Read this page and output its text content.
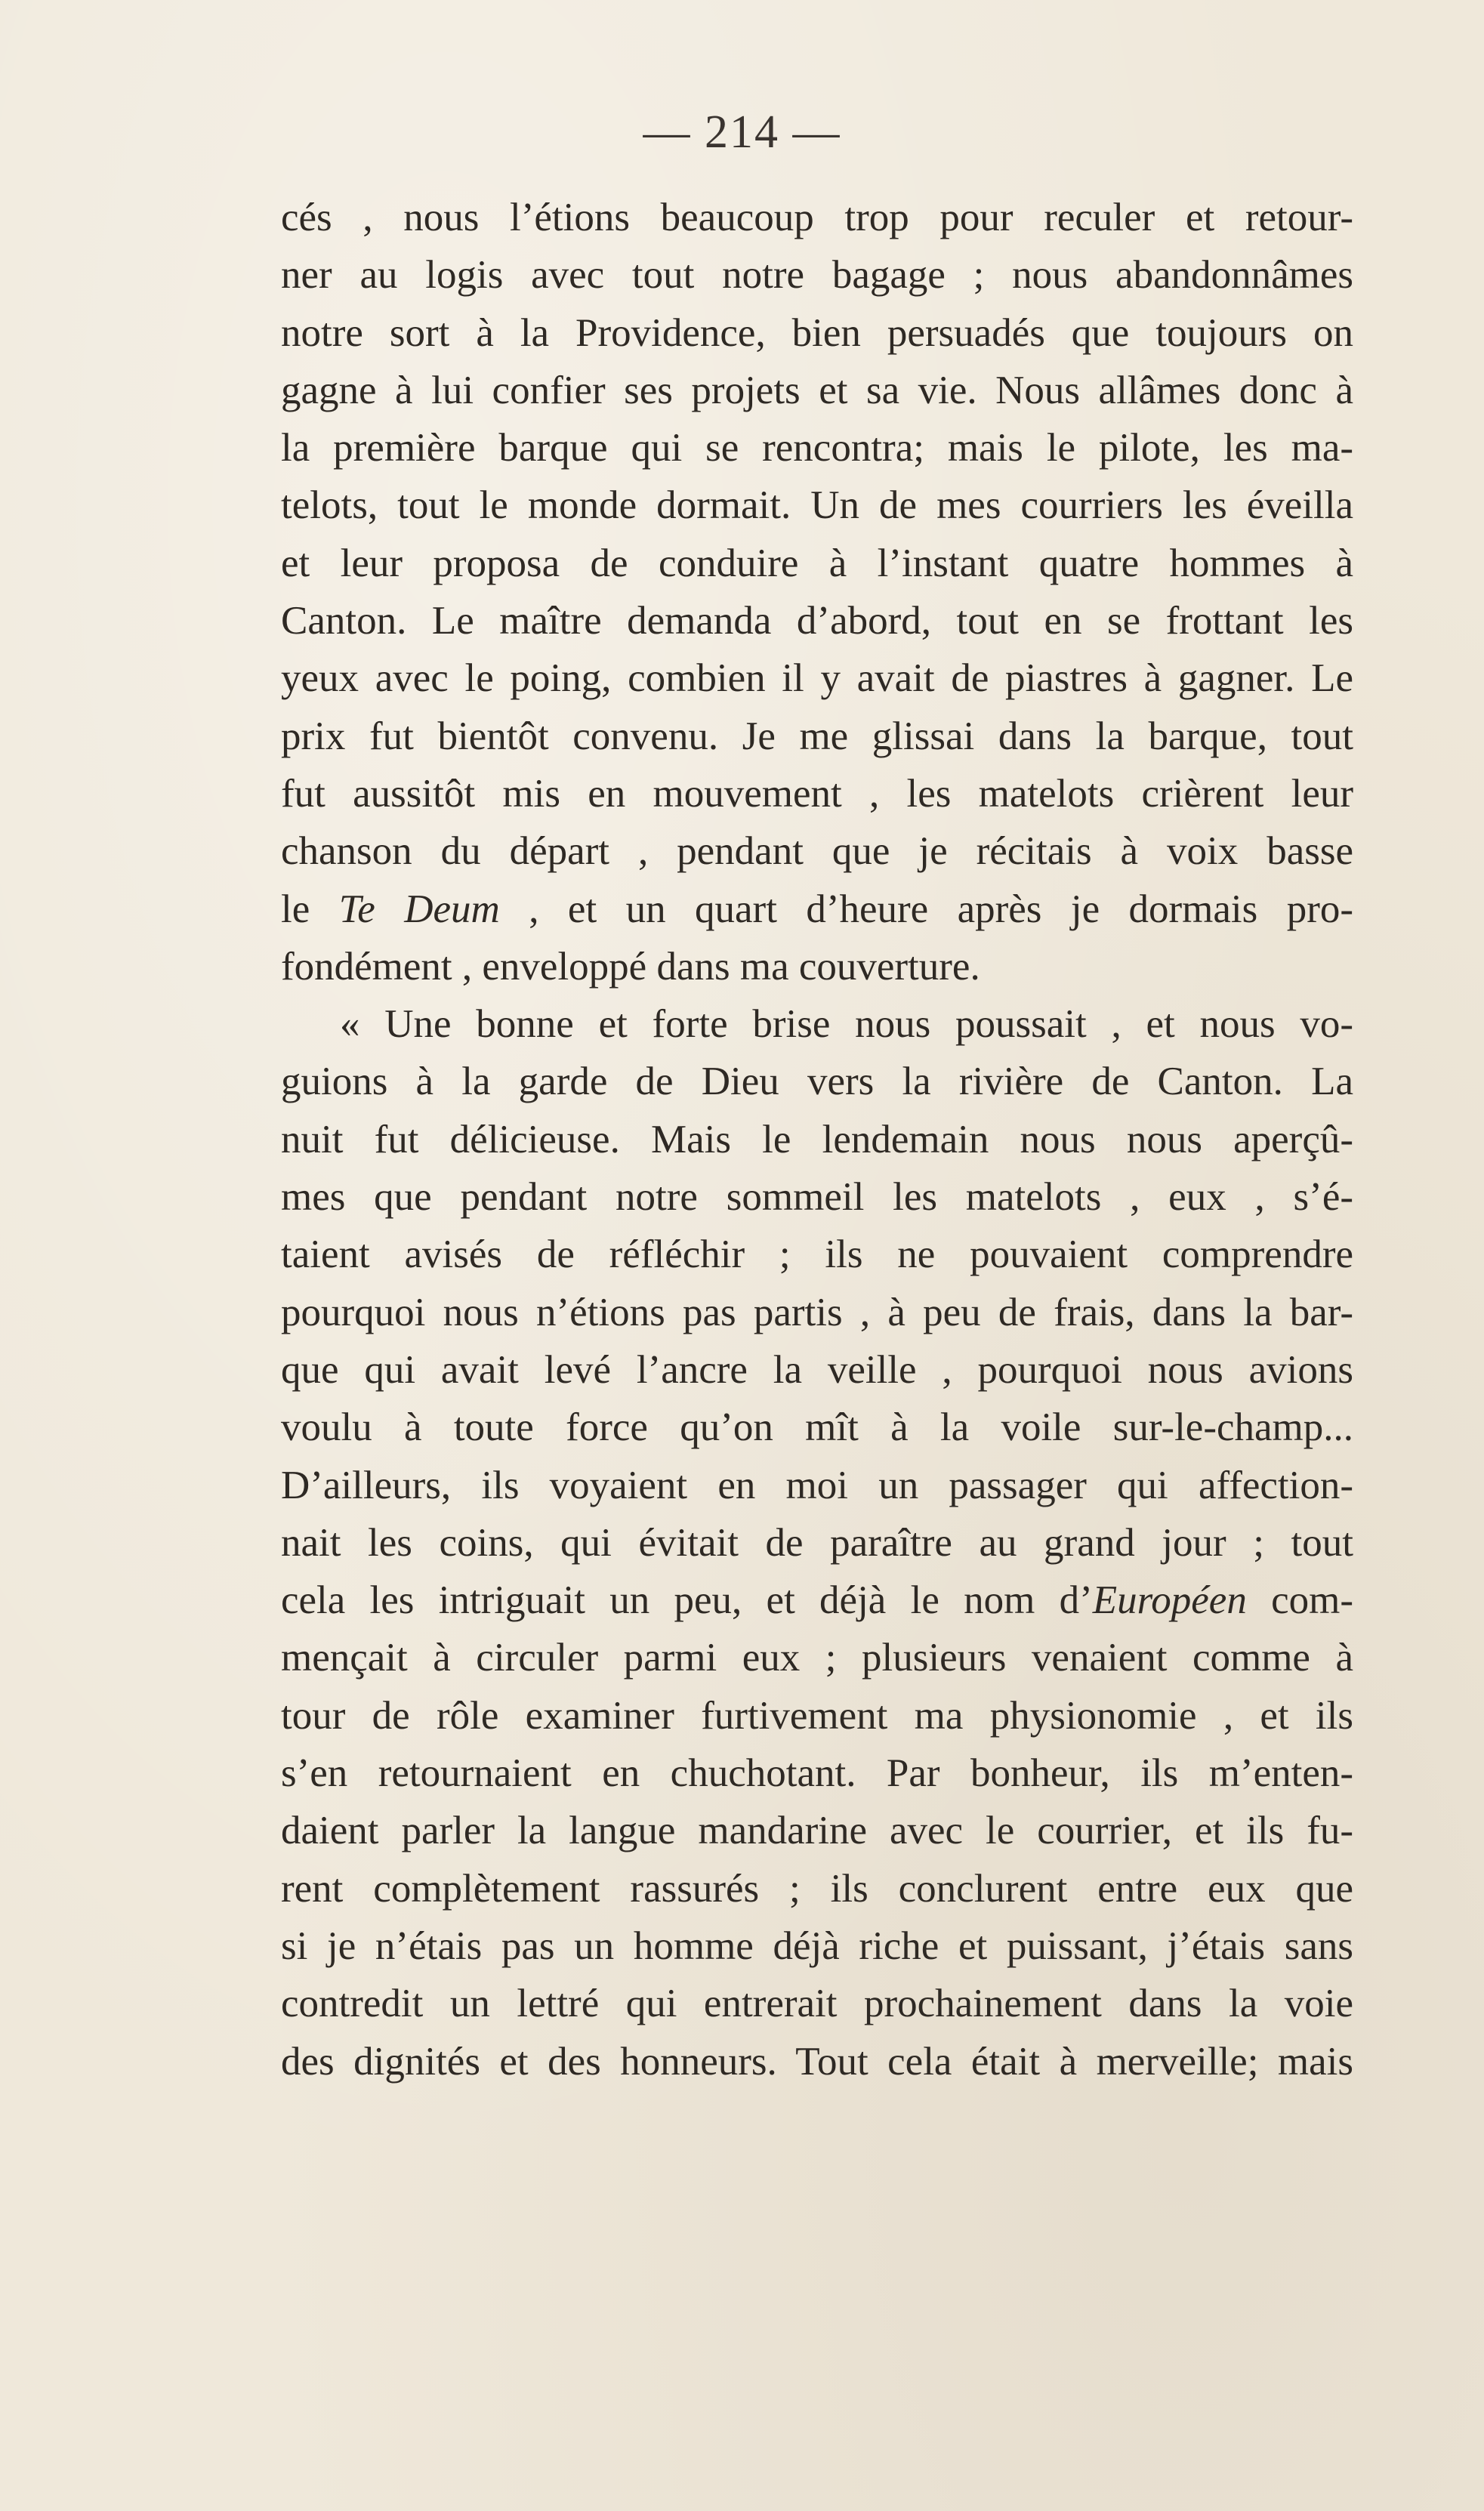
— 214 —
cés , nous l’étions beaucoup trop pour reculer et retour-
ner au logis avec tout notre bagage ; nous abandonnâmes
notre sort à la Providence, bien persuadés que toujours on
gagne à lui confier ses projets et sa vie. Nous allâmes donc à
la première barque qui se rencontra; mais le pilote, les ma-
telots, tout le monde dormait. Un de mes courriers les éveilla
et leur proposa de conduire à l’instant quatre hommes à
Canton. Le maître demanda d’abord, tout en se frottant les
yeux avec le poing, combien il y avait de piastres à gagner. Le
prix fut bientôt convenu. Je me glissai dans la barque, tout
fut aussitôt mis en mouvement , les matelots crièrent leur
chanson du départ , pendant que je récitais à voix basse
le Te Deum , et un quart d’heure après je dormais pro-
fondément , enveloppé dans ma couverture.
« Une bonne et forte brise nous poussait , et nous vo-
guions à la garde de Dieu vers la rivière de Canton. La
nuit fut délicieuse. Mais le lendemain nous nous aperçû-
mes que pendant notre sommeil les matelots , eux , s’é-
taient avisés de réfléchir ; ils ne pouvaient comprendre
pourquoi nous n’étions pas partis , à peu de frais, dans la bar-
que qui avait levé l’ancre la veille , pourquoi nous avions
voulu à toute force qu’on mît à la voile sur-le-champ...
D’ailleurs, ils voyaient en moi un passager qui affection-
nait les coins, qui évitait de paraître au grand jour ; tout
cela les intriguait un peu, et déjà le nom d’Européen com-
mençait à circuler parmi eux ; plusieurs venaient comme à
tour de rôle examiner furtivement ma physionomie , et ils
s’en retournaient en chuchotant. Par bonheur, ils m’enten-
daient parler la langue mandarine avec le courrier, et ils fu-
rent complètement rassurés ; ils conclurent entre eux que
si je n’étais pas un homme déjà riche et puissant, j’étais sans
contredit un lettré qui entrerait prochainement dans la voie
des dignités et des honneurs. Tout cela était à merveille; mais
